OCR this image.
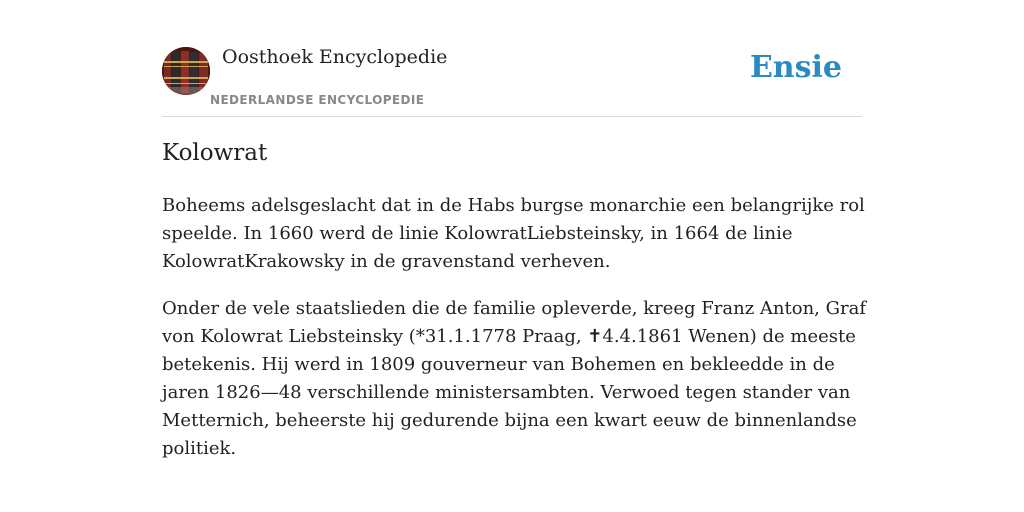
Oosthoek Encyclopedie
NEDERLANDSE ENCYCLOPEDIE
Ensie
Kolowrat

Boheems adelsgeslacht dat in de Habs burgse monarchie een belangrijke rol speelde. In 1660 werd de linie KolowratLiebsteinsky, in 1664 de linie KolowratKrakowsky in de gravenstand verheven.

Onder de vele staatslieden die de familie opleverde, kreeg Franz Anton, Graf von Kolowrat Liebsteinsky (*31.1.1778 Praag, ✝4.4.1861 Wenen) de meeste betekenis. Hij werd in 1809 gouverneur van Bohemen en bekleedde in de jaren 1826—48 verschillende ministersambten. Verwoed tegen stander van Metternich, beheerste hij gedurende bijna een kwart eeuw de binnenlandse politiek.
